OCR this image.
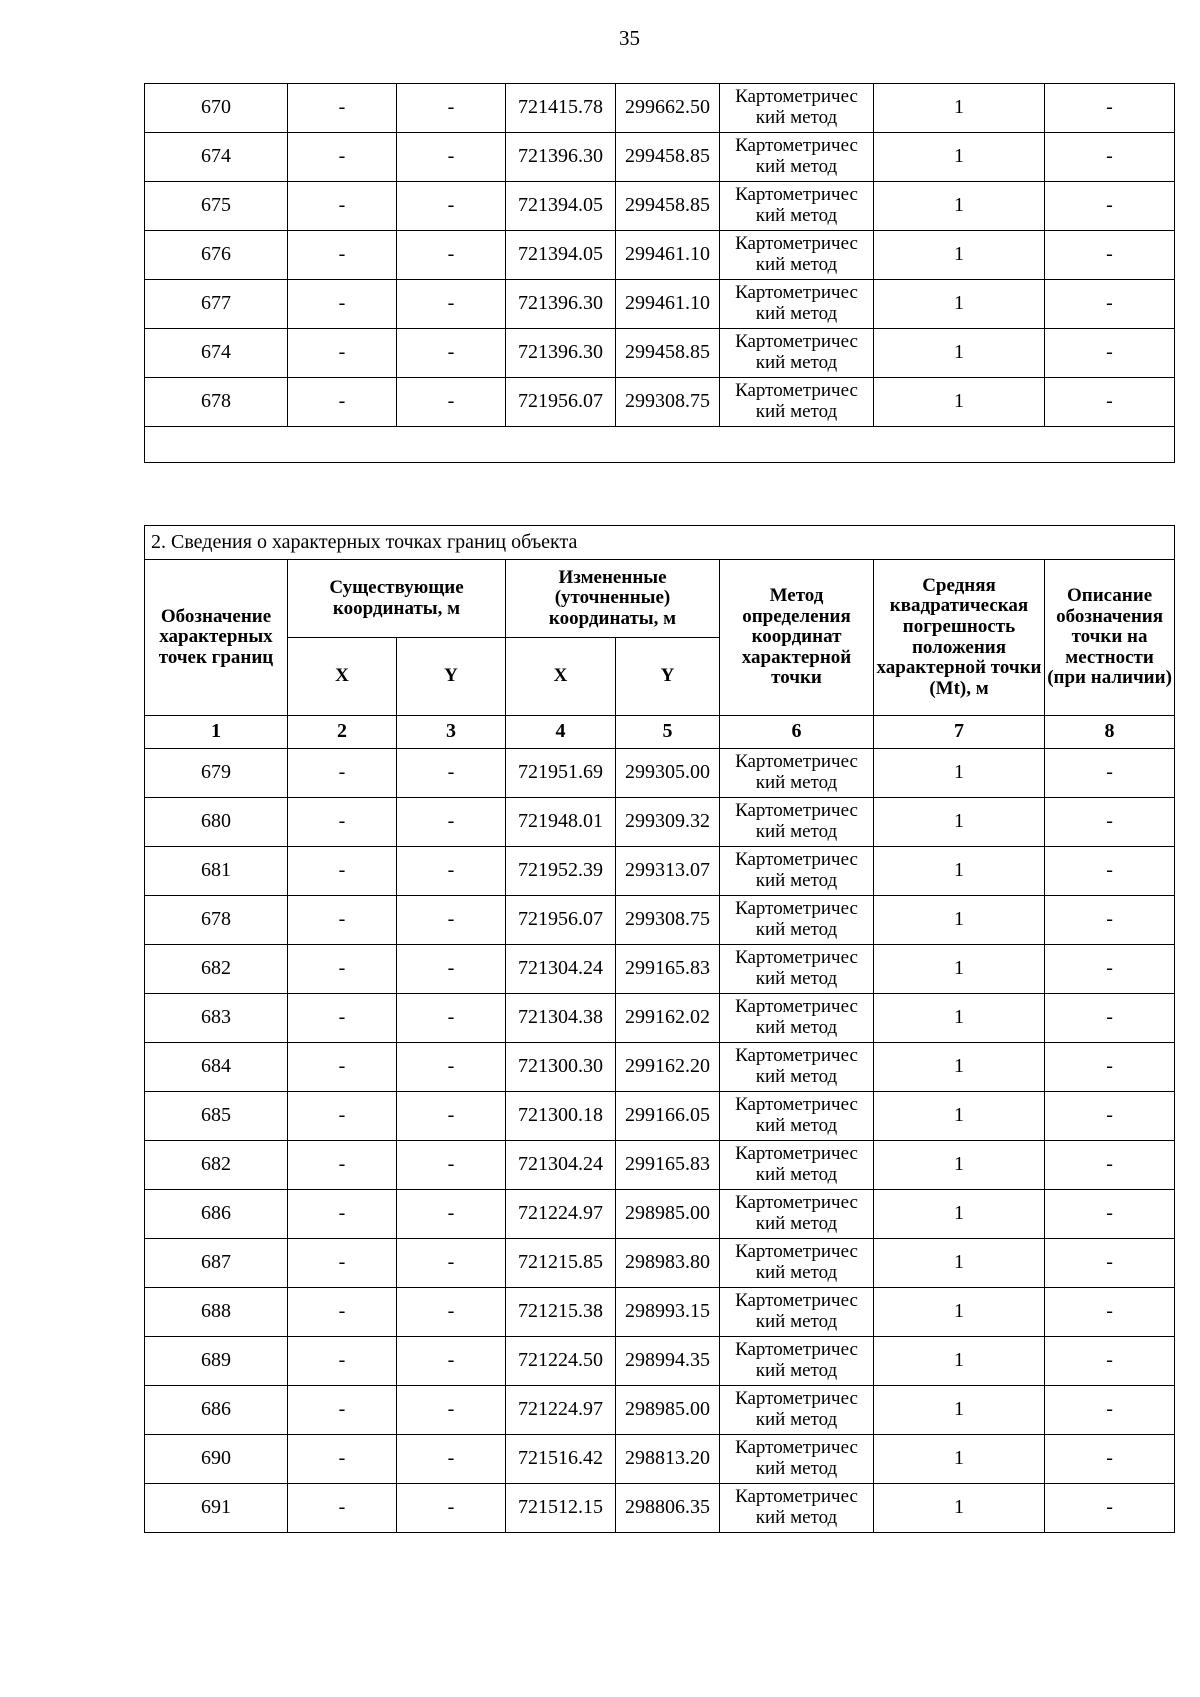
35
670	-	-	721415.78	299662.50	Картометричес кий метод	1	-
674	-	-	721396.30	299458.85	Картометричес кий метод	1	-
675	-	-	721394.05	299458.85	Картометричес кий метод	1	-
676	-	-	721394.05	299461.10	Картометричес кий метод	1	-
677	-	-	721396.30	299461.10	Картометричес кий метод	1	-
674	-	-	721396.30	299458.85	Картометричес кий метод	1	-
678	-	-	721956.07	299308.75	Картометричес кий метод	1	-

2. Сведения о характерных точках границ объекта							
Обозначение характерных точек границ	Существующие координаты, м		Измененные (уточненные) координаты, м		Метод определения координат характерной точки	Средняя квадратическая погрешность положения характерной точки (Mt), м	Описание обозначения точки на местности (при наличии)
	X	Y	X	Y			
1	2	3	4	5	6	7	8
679	-	-	721951.69	299305.00	Картометричес кий метод	1	-
680	-	-	721948.01	299309.32	Картометричес кий метод	1	-
681	-	-	721952.39	299313.07	Картометричес кий метод	1	-
678	-	-	721956.07	299308.75	Картометричес кий метод	1	-
682	-	-	721304.24	299165.83	Картометричес кий метод	1	-
683	-	-	721304.38	299162.02	Картометричес кий метод	1	-
684	-	-	721300.30	299162.20	Картометричес кий метод	1	-
685	-	-	721300.18	299166.05	Картометричес кий метод	1	-
682	-	-	721304.24	299165.83	Картометричес кий метод	1	-
686	-	-	721224.97	298985.00	Картометричес кий метод	1	-
687	-	-	721215.85	298983.80	Картометричес кий метод	1	-
688	-	-	721215.38	298993.15	Картометричес кий метод	1	-
689	-	-	721224.50	298994.35	Картометричес кий метод	1	-
686	-	-	721224.97	298985.00	Картометричес кий метод	1	-
690	-	-	721516.42	298813.20	Картометричес кий метод	1	-
691	-	-	721512.15	298806.35	Картометричес кий метод	1	-
